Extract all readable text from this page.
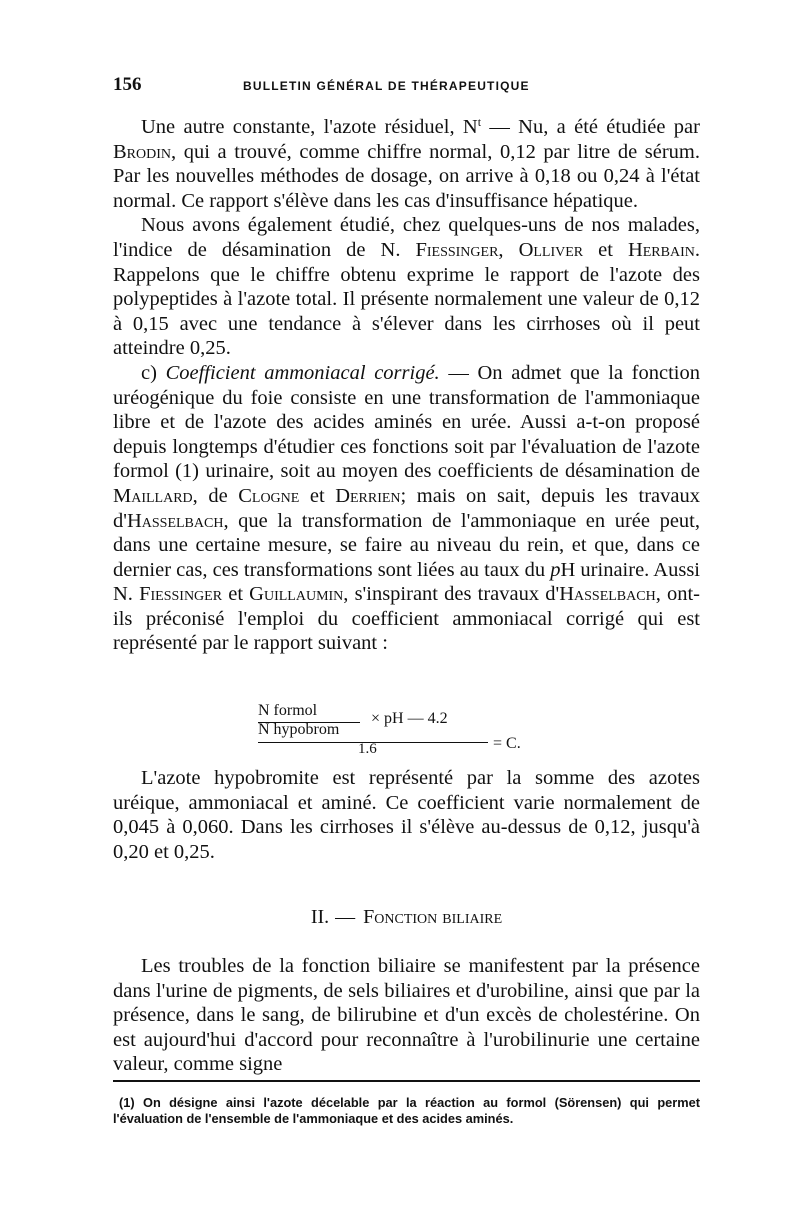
156	BULLETIN GÉNÉRAL DE THÉRAPEUTIQUE

Une autre constante, l'azote résiduel, $N^t$ — Nu, a été étudiée par Brodin, qui a trouvé, comme chiffre normal, 0,12 par litre de sérum. Par les nouvelles méthodes de dosage, on arrive à 0,18 ou 0,24 à l'état normal. Ce rapport s'élève dans les cas d'insuffisance hépatique.

Nous avons également étudié, chez quelques-uns de nos malades, l'indice de désamination de N. Fiessinger, Olliver et Herbain. Rappelons que le chiffre obtenu exprime le rapport de l'azote des polypeptides à l'azote total. Il présente normalement une valeur de 0,12 à 0,15 avec une tendance à s'élever dans les cirrhoses où il peut atteindre 0,25.

c) Coefficient ammoniacal corrigé. — On admet que la fonction uréogénique du foie consiste en une transformation de l'ammoniaque libre et de l'azote des acides aminés en urée. Aussi a-t-on proposé depuis longtemps d'étudier ces fonctions soit par l'évaluation de l'azote formol (1) urinaire, soit au moyen des coefficients de désamination de Maillard, de Clogne et Derrien; mais on sait, depuis les travaux d'Hasselbach, que la transformation de l'ammoniaque en urée peut, dans une certaine mesure, se faire au niveau du rein, et que, dans ce dernier cas, ces transformations sont liées au taux du pH urinaire. Aussi N. Fiessinger et Guillaumin, s'inspirant des travaux d'Hasselbach, ont-ils préconisé l'emploi du coefficient ammoniacal corrigé qui est représenté par le rapport suivant :

N formol
N hypobrom
× pH — 4.2
1.6	= C.

L'azote hypobromite est représenté par la somme des azotes uréique, ammoniacal et aminé. Ce coefficient varie normalement de 0,045 à 0,060. Dans les cirrhoses il s'élève au-dessus de 0,12, jusqu'à 0,20 et 0,25.

II. — Fonction biliaire

Les troubles de la fonction biliaire se manifestent par la présence dans l'urine de pigments, de sels biliaires et d'urobiline, ainsi que par la présence, dans le sang, de bilirubine et d'un excès de cholestérine. On est aujourd'hui d'accord pour reconnaître à l'urobilinurie une certaine valeur, comme signe

(1) On désigne ainsi l'azote décelable par la réaction au formol (Sörensen) qui permet l'évaluation de l'ensemble de l'ammoniaque et des acides aminés.
